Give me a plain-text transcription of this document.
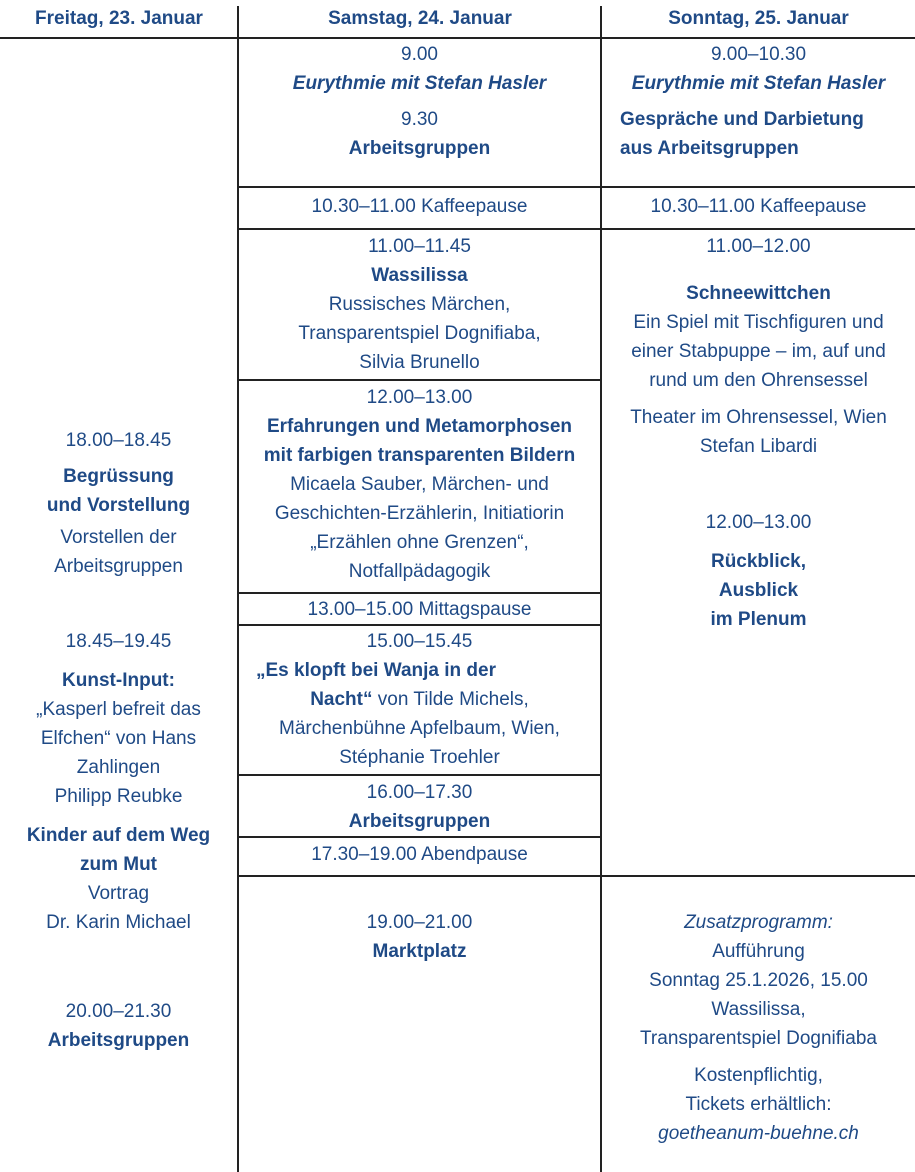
Freitag, 23. Januar	Samstag, 24. Januar	Sonntag, 25. Januar
18.00–18.45
Begrüssung
und Vorstellung
Vorstellen der
Arbeitsgruppen
18.45–19.45
Kunst-Input:
„Kasperl befreit das
Elfchen“ von Hans
Zahlingen
Philipp Reubke
Kinder auf dem Weg
zum Mut
Vortrag
Dr. Karin Michael
20.00–21.30
Arbeitsgruppen
9.00
Eurythmie mit Stefan Hasler
9.30
Arbeitsgruppen
10.30–11.00 Kaffeepause
11.00–11.45
Wassilissa
Russisches Märchen,
Transparentspiel Dognifiaba,
Silvia Brunello
12.00–13.00
Erfahrungen und Metamorphosen
mit farbigen transparenten Bildern
Micaela Sauber, Märchen- und
Geschichten-Erzählerin, Initiatiorin
„Erzählen ohne Grenzen“,
Notfallpädagogik
13.00–15.00 Mittagspause
15.00–15.45
„Es klopft bei Wanja in der
Nacht“ von Tilde Michels,
Märchenbühne Apfelbaum, Wien,
Stéphanie Troehler
16.00–17.30
Arbeitsgruppen
17.30–19.00 Abendpause
19.00–21.00
Marktplatz
9.00–10.30
Eurythmie mit Stefan Hasler
Gespräche und Darbietung
aus Arbeitsgruppen
10.30–11.00 Kaffeepause
11.00–12.00
Schneewittchen
Ein Spiel mit Tischfiguren und
einer Stabpuppe – im, auf und
rund um den Ohrensessel
Theater im Ohrensessel, Wien
Stefan Libardi
12.00–13.00
Rückblick,
Ausblick
im Plenum
Zusatzprogramm:
Aufführung
Sonntag 25.1.2026, 15.00
Wassilissa,
Transparentspiel Dognifiaba
Kostenpflichtig,
Tickets erhältlich:
goetheanum-buehne.ch
